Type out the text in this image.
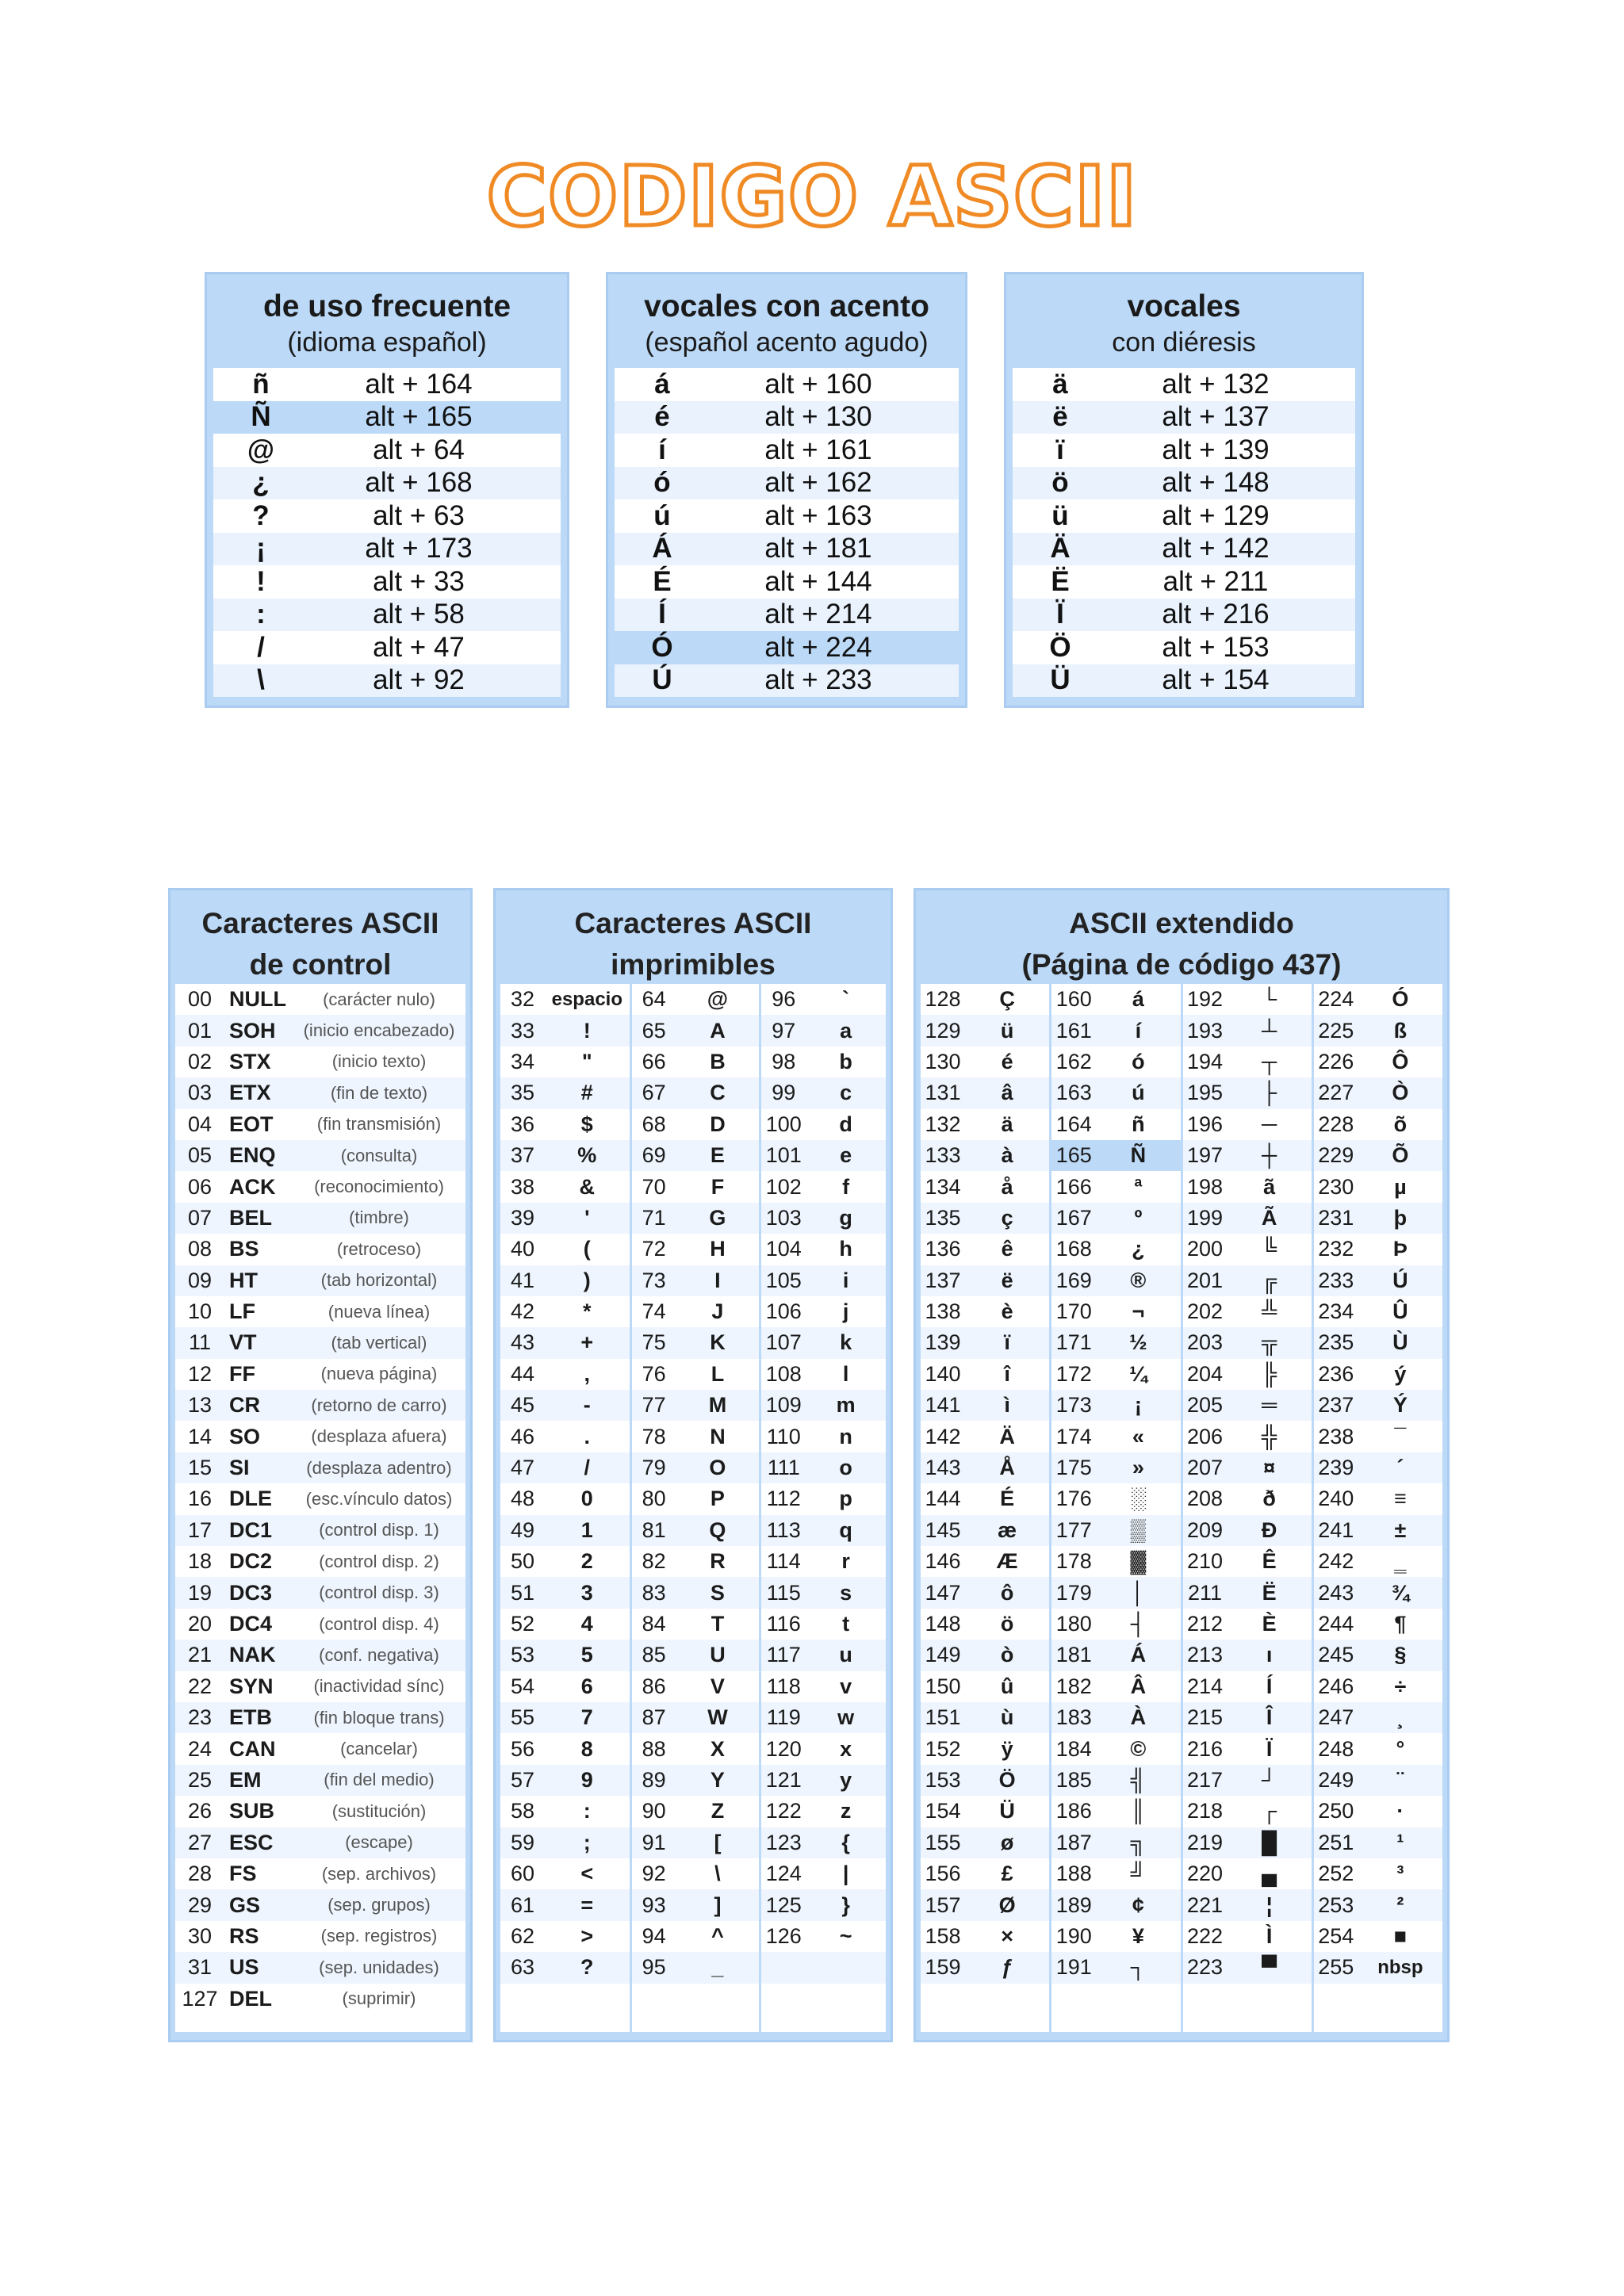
CODIGO ASCII
de uso frecuente
(idioma español)
ñ	alt + 164
Ñ	alt + 165
@	alt + 64
¿	alt + 168
?	alt + 63
¡	alt + 173
!	alt + 33
:	alt + 58
/	alt + 47
\	alt + 92
vocales con acento
(español acento agudo)
á	alt + 160
é	alt + 130
í	alt + 161
ó	alt + 162
ú	alt + 163
Á	alt + 181
É	alt + 144
Í	alt + 214
Ó	alt + 224
Ú	alt + 233
vocales
con diéresis
ä	alt + 132
ë	alt + 137
ï	alt + 139
ö	alt + 148
ü	alt + 129
Ä	alt + 142
Ë	alt + 211
Ï	alt + 216
Ö	alt + 153
Ü	alt + 154
Caracteres ASCII
de control
00 NULL	(carácter nulo)
01 SOH	(inicio encabezado)
02 STX	(inicio texto)
03 ETX	(fin de texto)
04 EOT	(fin transmisión)
05 ENQ	(consulta)
06 ACK	(reconocimiento)
07 BEL	(timbre)
08 BS	(retroceso)
09 HT	(tab horizontal)
10 LF	(nueva línea)
11 VT	(tab vertical)
12 FF	(nueva página)
13 CR	(retorno de carro)
14 SO	(desplaza afuera)
15 SI	(desplaza adentro)
16 DLE	(esc.vínculo datos)
17 DC1	(control disp. 1)
18 DC2	(control disp. 2)
19 DC3	(control disp. 3)
20 DC4	(control disp. 4)
21 NAK	(conf. negativa)
22 SYN	(inactividad sínc)
23 ETB	(fin bloque trans)
24 CAN	(cancelar)
25 EM	(fin del medio)
26 SUB	(sustitución)
27 ESC	(escape)
28 FS	(sep. archivos)
29 GS	(sep. grupos)
30 RS	(sep. registros)
31 US	(sep. unidades)
127 DEL	(suprimir)
Caracteres ASCII
imprimibles
32 espacio
33	!
34	"
35	#
36	$
37	%
38	&
39	'
40	(
41	)
42	*
43	+
44	,
45	-
46	.
47	/
48	0
49	1
50	2
51	3
52	4
53	5
54	6
55	7
56	8
57	9
58	:
59	;
60	<
61	=
62	>
63	?
64	@
65	A
66	B
67	C
68	D
69	E
70	F
71	G
72	H
73	I
74	J
75	K
76	L
77	M
78	N
79	O
80	P
81	Q
82	R
83	S
84	T
85	U
86	V
87	W
88	X
89	Y
90	Z
91	[
92	\
93	]
94	^
95	_
96	`
97	a
98	b
99	c
100	d
101	e
102	f
103	g
104	h
105	i
106	j
107	k
108	l
109	m
110	n
111	o
112	p
113	q
114	r
115	s
116	t
117	u
118	v
119	w
120	x
121	y
122	z
123	{
124	|
125	}
126	~
ASCII extendido
(Página de código 437)
128	Ç
129	ü
130	é
131	â
132	ä
133	à
134	å
135	ç
136	ê
137	ë
138	è
139	ï
140	î
141	ì
142	Ä
143	Å
144	É
145	æ
146	Æ
147	ô
148	ö
149	ò
150	û
151	ù
152	ÿ
153	Ö
154	Ü
155	ø
156	£
157	Ø
158	×
159	ƒ
160	á
161	í
162	ó
163	ú
164	ñ
165	Ñ
166	ª
167	º
168	¿
169	®
170	¬
171	½
172	¼
173	¡
174	«
175	»
176	░
177	▒
178	▓
179	│
180	┤
181	Á
182	Â
183	À
184	©
185	╣
186	║
187	╗
188	╝
189	¢
190	¥
191	┐
192	└
193	┴
194	┬
195	├
196	─
197	┼
198	ã
199	Ã
200	╚
201	╔
202	╩
203	╦
204	╠
205	═
206	╬
207	¤
208	ð
209	Ð
210	Ê
211	Ë
212	È
213	ı
214	Í
215	Î
216	Ï
217	┘
218	┌
219	█
220	▄
221	¦
222	Ì
223	▀
224	Ó
225	ß
226	Ô
227	Ò
228	õ
229	Õ
230	µ
231	þ
232	Þ
233	Ú
234	Û
235	Ù
236	ý
237	Ý
238	¯
239	´
240	≡
241	±
242	‗
243	¾
244	¶
245	§
246	÷
247	¸
248	°
249	¨
250	·
251	¹
252	³
253	²
254	■
255	nbsp
